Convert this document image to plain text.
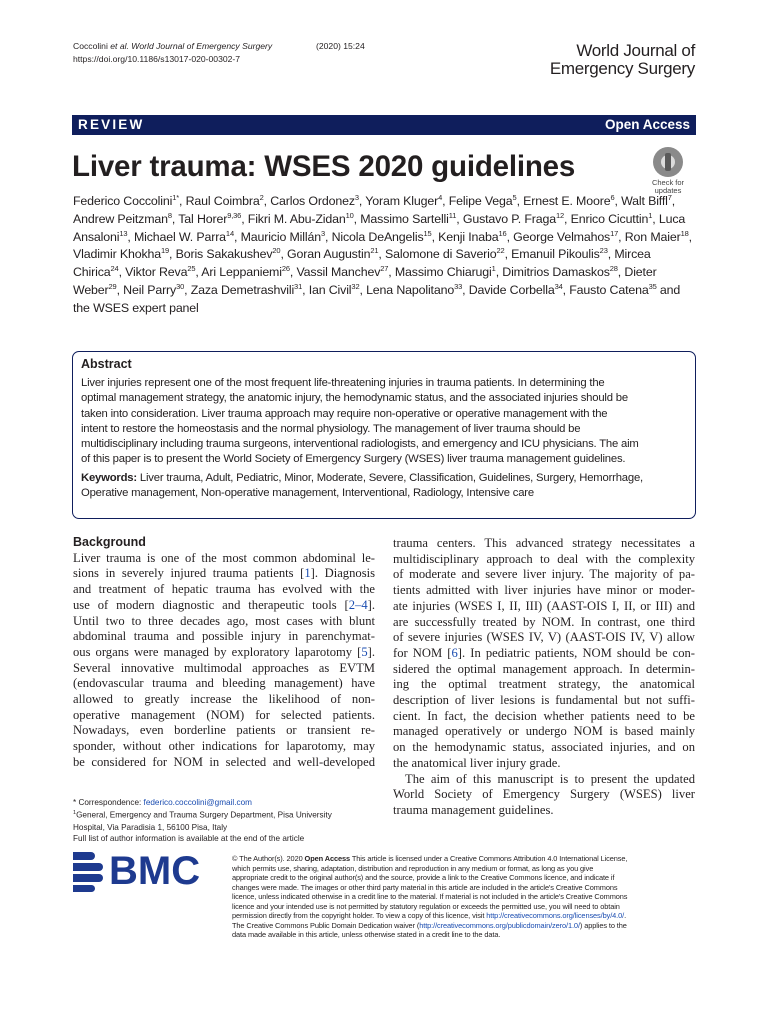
Coccolini et al. World Journal of Emergency Surgery	(2020) 15:24
https://doi.org/10.1186/s13017-020-00302-7	World Journal of
Emergency Surgery
REVIEW	Open Access
Liver trauma: WSES 2020 guidelines	Check for
updates
Federico Coccolini$^{1*}$, Raul Coimbra$^2$, Carlos Ordonez$^3$, Yoram Kluger$^4$, Felipe Vega$^5$, Ernest E. Moore$^6$, Walt Biffl$^7$, Andrew Peitzman$^8$, Tal Horer$^{9,36}$, Fikri M. Abu-Zidan$^{10}$, Massimo Sartelli$^{11}$, Gustavo P. Fraga$^{12}$, Enrico Cicuttin$^1$, Luca Ansaloni$^{13}$, Michael W. Parra$^{14}$, Mauricio Millán$^3$, Nicola DeAngelis$^{15}$, Kenji Inaba$^{16}$, George Velmahos$^{17}$, Ron Maier$^{18}$, Vladimir Khokha$^{19}$, Boris Sakakushev$^{20}$, Goran Augustin$^{21}$, Salomone di Saverio$^{22}$, Emanuil Pikoulis$^{23}$, Mircea Chirica$^{24}$, Viktor Reva$^{25}$, Ari Leppaniemi$^{26}$, Vassil Manchev$^{27}$, Massimo Chiarugi$^1$, Dimitrios Damaskos$^{28}$, Dieter Weber$^{29}$, Neil Parry$^{30}$, Zaza Demetrashvili$^{31}$, Ian Civil$^{32}$, Lena Napolitano$^{33}$, Davide Corbella$^{34}$, Fausto Catena$^{35}$ and the WSES expert panel
Abstract

Liver injuries represent one of the most frequent life-threatening injuries in trauma patients. In determining the
optimal management strategy, the anatomic injury, the hemodynamic status, and the associated injuries should be
taken into consideration. Liver trauma approach may require non-operative or operative management with the
intent to restore the homeostasis and the normal physiology. The management of liver trauma should be
multidisciplinary including trauma surgeons, interventional radiologists, and emergency and ICU physicians. The aim
of this paper is to present the World Society of Emergency Surgery (WSES) liver trauma management guidelines.

Keywords: Liver trauma, Adult, Pediatric, Minor, Moderate, Severe, Classification, Guidelines, Surgery, Hemorrhage,
Operative management, Non-operative management, Interventional, Radiology, Intensive care

Background
Liver trauma is one of the most common abdominal le-
sions in severely injured trauma patients [1]. Diagnosis
and treatment of hepatic trauma has evolved with the
use of modern diagnostic and therapeutic tools [2–4].
Until two to three decades ago, most cases with blunt
abdominal trauma and possible injury in parenchymat-
ous organs were managed by exploratory laparotomy [5].
Several innovative multimodal approaches as EVTM
(endovascular trauma and bleeding management) have
allowed to greatly increase the likelihood of non-
operative management (NOM) for selected patients.
Nowadays, even borderline patients or transient re-
sponder, without other indications for laparotomy, may
be considered for NOM in selected and well-developed
trauma centers. This advanced strategy necessitates a
multidisciplinary approach to deal with the complexity
of moderate and severe liver injury. The majority of pa-
tients admitted with liver injuries have minor or moder-
ate injuries (WSES I, II, III) (AAST-OIS I, II, or III) and
are successfully treated by NOM. In contrast, one third
of severe injuries (WSES IV, V) (AAST-OIS IV, V) allow
for NOM [6]. In pediatric patients, NOM should be con-
sidered the optimal management approach. In determin-
ing the optimal treatment strategy, the anatomical
description of liver lesions is fundamental but not suffi-
cient. In fact, the decision whether patients need to be
managed operatively or undergo NOM is based mainly
on the hemodynamic status, associated injuries, and on
the anatomical liver injury grade.
The aim of this manuscript is to present the updated
World Society of Emergency Surgery (WSES) liver
trauma management guidelines.
* Correspondence: federico.coccolini@gmail.com
$^1$General, Emergency and Trauma Surgery Department, Pisa University
Hospital, Via Paradisia 1, 56100 Pisa, Italy
Full list of author information is available at the end of the article
BMC	© The Author(s). 2020 Open Access This article is licensed under a Creative Commons Attribution 4.0 International License,
which permits use, sharing, adaptation, distribution and reproduction in any medium or format, as long as you give
appropriate credit to the original author(s) and the source, provide a link to the Creative Commons licence, and indicate if
changes were made. The images or other third party material in this article are included in the article's Creative Commons
licence, unless indicated otherwise in a credit line to the material. If material is not included in the article's Creative Commons
licence and your intended use is not permitted by statutory regulation or exceeds the permitted use, you will need to obtain
permission directly from the copyright holder. To view a copy of this licence, visit http://creativecommons.org/licenses/by/4.0/.
The Creative Commons Public Domain Dedication waiver (http://creativecommons.org/publicdomain/zero/1.0/) applies to the
data made available in this article, unless otherwise stated in a credit line to the data.
